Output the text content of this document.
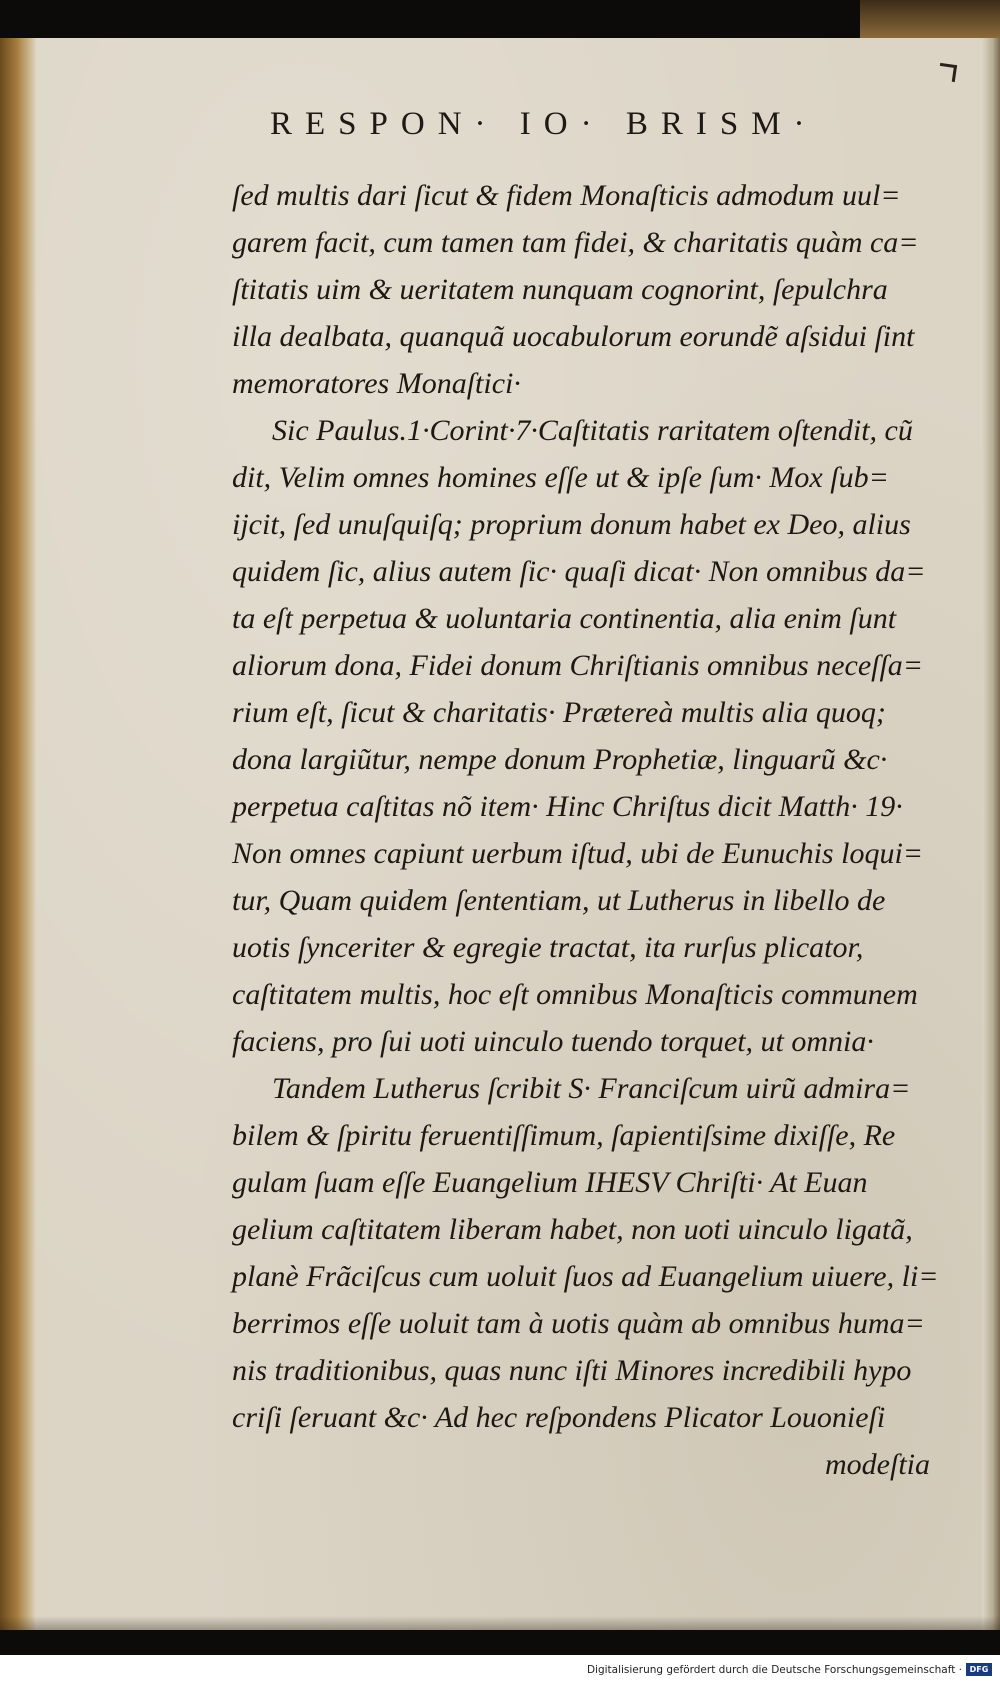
RESPON· IO· BRISM·

ſed multis dari ſicut & fidem Monaſticis admodum uul=

garem facit, cum tamen tam fidei, & charitatis quàm ca=

ſtitatis uim & ueritatem nunquam cognorint, ſepulchra

illa dealbata, quanquã uocabulorum eorundẽ aſsidui ſint

memoratores Monaſtici·

Sic Paulus.1·Corint·7·Caſtitatis raritatem oſtendit, cũ

dit, Velim omnes homines eſſe ut & ipſe ſum· Mox ſub=

ijcit, ſed unuſquiſq; proprium donum habet ex Deo, alius

quidem ſic, alius autem ſic· quaſi dicat· Non omnibus da=

ta eſt perpetua & uoluntaria continentia, alia enim ſunt

aliorum dona, Fidei donum Chriſtianis omnibus neceſſa=

rium eſt, ſicut & charitatis· Prætereà multis alia quoq;

dona largiũtur, nempe donum Prophetiæ, linguarũ &c·

perpetua caſtitas nõ item· Hinc Chriſtus dicit Matth· 19·

Non omnes capiunt uerbum iſtud, ubi de Eunuchis loqui=

tur, Quam quidem ſententiam, ut Lutherus in libello de

uotis ſynceriter & egregie tractat, ita rurſus plicator,

caſtitatem multis, hoc eſt omnibus Monaſticis communem

faciens, pro ſui uoti uinculo tuendo torquet, ut omnia·

Tandem Lutherus ſcribit S· Franciſcum uirũ admira=

bilem & ſpiritu feruentiſſimum, ſapientiſsime dixiſſe, Re

gulam ſuam eſſe Euangelium IHESV Chriſti· At Euan

gelium caſtitatem liberam habet, non uoti uinculo ligatã,

planè Frãciſcus cum uoluit ſuos ad Euangelium uiuere, li=

berrimos eſſe uoluit tam à uotis quàm ab omnibus huma=

nis traditionibus, quas nunc iſti Minores incredibili hypo

criſi ſeruant &c· Ad hec reſpondens Plicator Louonieſi

modeſtia

Digitalisierung gefördert durch die Deutsche Forschungsgemeinschaft · DFG
